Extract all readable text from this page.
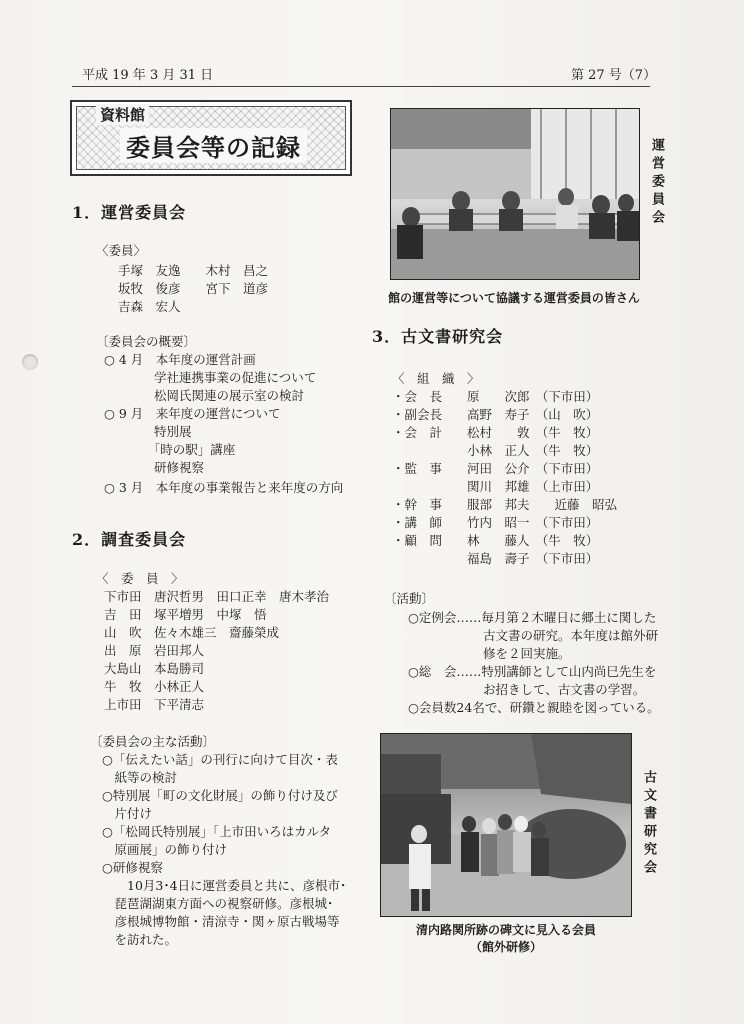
平成 19 年 3 月 31 日	第 27 号（7）
資料館
委員会等の記録
1．運営委員会
〈委員〉
手塚　友逸　　木村　昌之
坂牧　俊彦　　宮下　道彦
吉森　宏人
〔委員会の概要〕
○ 4 月　本年度の運営計画
　　　　学社連携事業の促進について
　　　　松岡氏関連の展示室の検討
○ 9 月　来年度の運営について
　　　　特別展
　　　　「時の駅」講座
　　　　研修視察
○ 3 月　本年度の事業報告と来年度の方向
2．調査委員会
〈　委　員　〉
下市田　唐沢哲男　田口正幸　唐木孝治
吉　田　塚平増男　中塚　悟
山　吹　佐々木雄三　齋藤榮成
出　原　岩田邦人
大島山　本島勝司
牛　牧　小林正人
上市田　下平清志
〔委員会の主な活動〕
○「伝えたい話」の刊行に向けて目次・表
　紙等の検討
○特別展「町の文化財展」の飾り付け及び
　片付け
○「松岡氏特別展」「上市田いろはカルタ
　原画展」の飾り付け
○研修視察
　　10月3･4日に運営委員と共に、彦根市･
　琵琶湖湖東方面への視察研修。彦根城･
　彦根城博物館・清涼寺・関ヶ原古戦場等
　を訪れた。
運営委員会
館の運営等について協議する運営委員の皆さん
3．古文書研究会
〈　組　織　〉
・会　長　　原　　次郎　（下市田）
・副会長　　高野　寿子　（山　吹）
・会　計　　松村　　敦　（牛　牧）
　　　　　　小林　正人　（牛　牧）
・監　事　　河田　公介　（下市田）
　　　　　　関川　邦雄　（上市田）
・幹　事　　服部　邦夫　　近藤　昭弘
・講　師　　竹内　昭一　（下市田）
・顧　問　　林　　藤人　（牛　牧）
　　　　　　福島　壽子　（下市田）
〔活動〕
○定例会……毎月第２木曜日に郷土に関した
　　　　　　古文書の研究。本年度は館外研
　　　　　　修を２回実施。
○総　会……特別講師として山内尚巳先生を
　　　　　　お招きして、古文書の学習。
○会員数24名で、研鑽と親睦を図っている。
古文書研究会
清内路関所跡の碑文に見入る会員
（館外研修）
